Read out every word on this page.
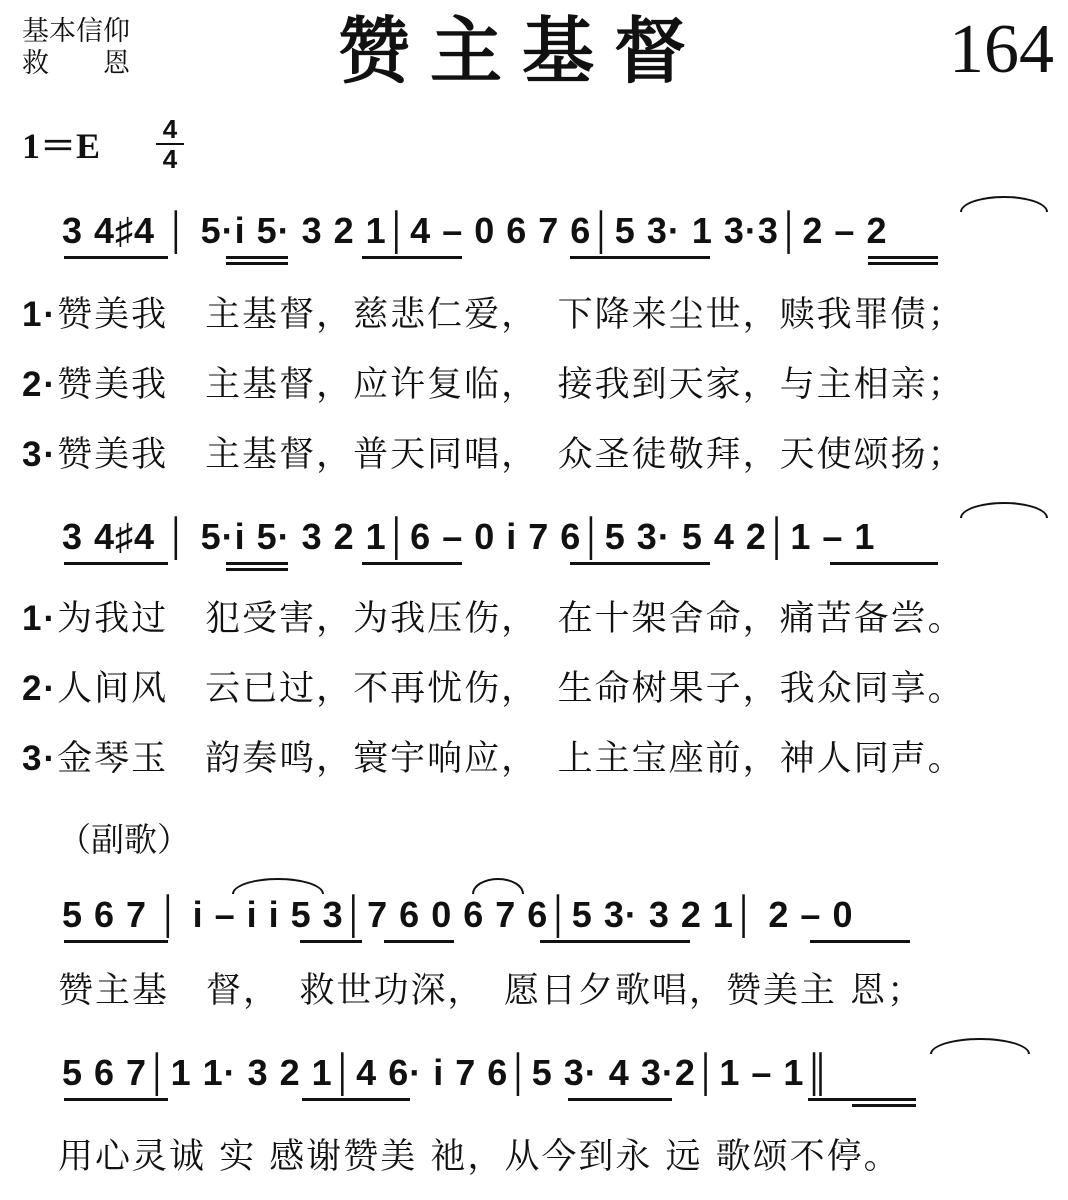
基本信仰
救 恩	赞主基督	164
1＝E 4
4
3 4♯4 │ 5·i 5· 3 2 1│4 – 0 6 7 6│5 3· 1 3·3│2 – 2
1·赞美我　主基督，慈悲仁爱，　下降来尘世，赎我罪债；
2·赞美我　主基督，应许复临，　接我到天家，与主相亲；
3·赞美我　主基督，普天同唱，　众圣徒敬拜，天使颂扬；
3 4♯4 │ 5·i 5· 3 2 1│6 – 0 i 7 6│5 3· 5 4 2│1 – 1
1·为我过　犯受害，为我压伤，　在十架舍命，痛苦备尝。
2·人间风　云已过，不再忧伤，　生命树果子，我众同享。
3·金琴玉　韵奏鸣，寰宇响应，　上主宝座前，神人同声。
（副歌）
5 6 7 │ i – i i 5 3│7 6 0 6 7 6│5 3· 3 2 1│ 2 – 0
赞主基　督，　救世功深，　愿日夕歌唱，赞美主 恩；
5 6 7│1 1· 3 2 1│4 6· i 7 6│5 3· 4 3·2│1 – 1║
用心灵诚 实 感谢赞美 祂，从今到永 远 歌颂不停。
